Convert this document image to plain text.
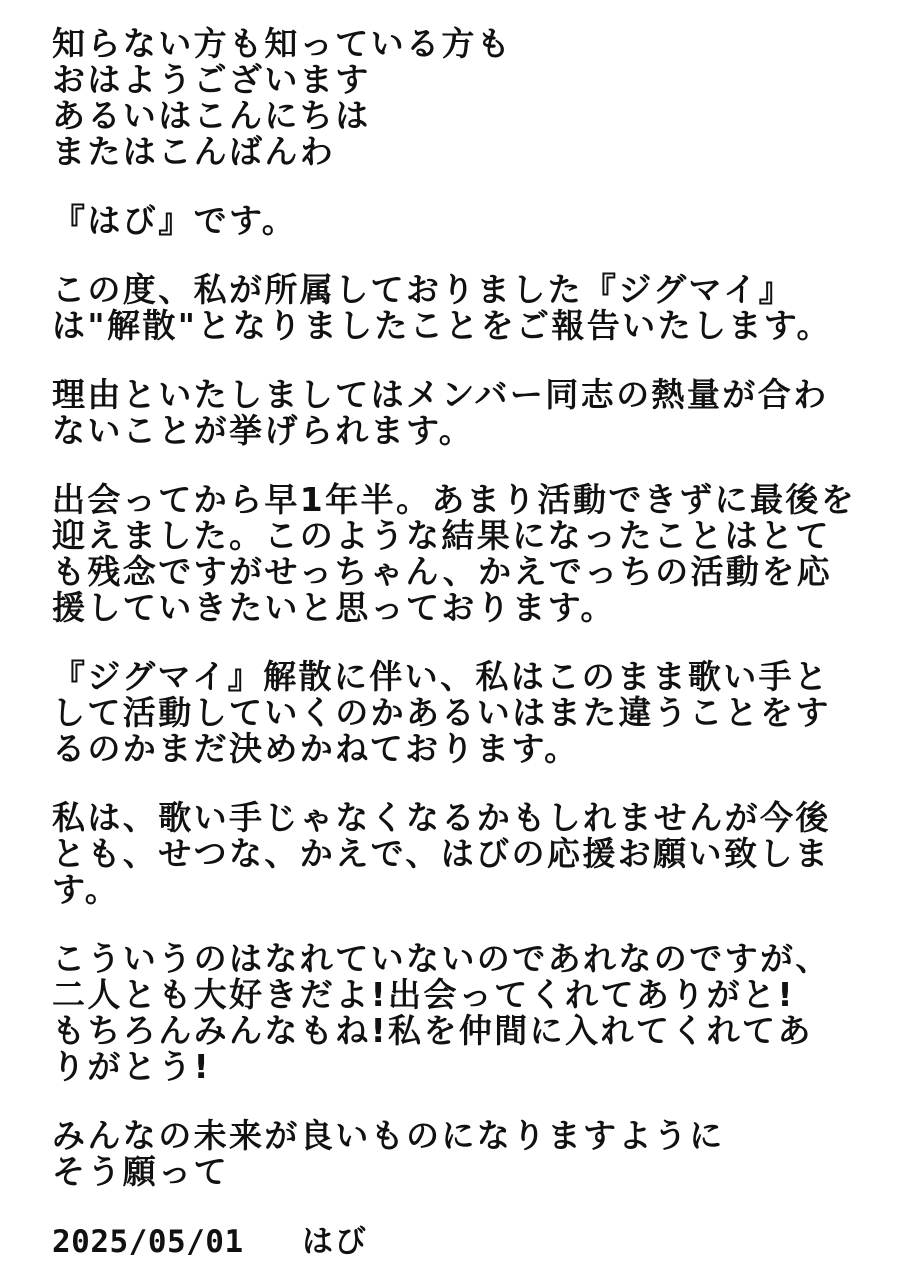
知らない方も知っている方も
おはようございます
あるいはこんにちは
またはこんばんわ
『はび』です。
この度、私が所属しておりました『ジグマイ』
は"解散"となりましたことをご報告いたします。
理由といたしましてはメンバー同志の熱量が合わ
ないことが挙げられます。
出会ってから早1年半。あまり活動できずに最後を
迎えました。このような結果になったことはとて
も残念ですがせっちゃん、かえでっちの活動を応
援していきたいと思っております。
『ジグマイ』解散に伴い、私はこのまま歌い手と
して活動していくのかあるいはまた違うことをす
るのかまだ決めかねております。
私は、歌い手じゃなくなるかもしれませんが今後
とも、せつな、かえで、はびの応援お願い致しま
す。
こういうのはなれていないのであれなのですが、
二人とも大好きだよ!出会ってくれてありがと!
もちろんみんなもね!私を仲間に入れてくれてあ
りがとう!
みんなの未来が良いものになりますように
そう願って
2025/05/01 はび
